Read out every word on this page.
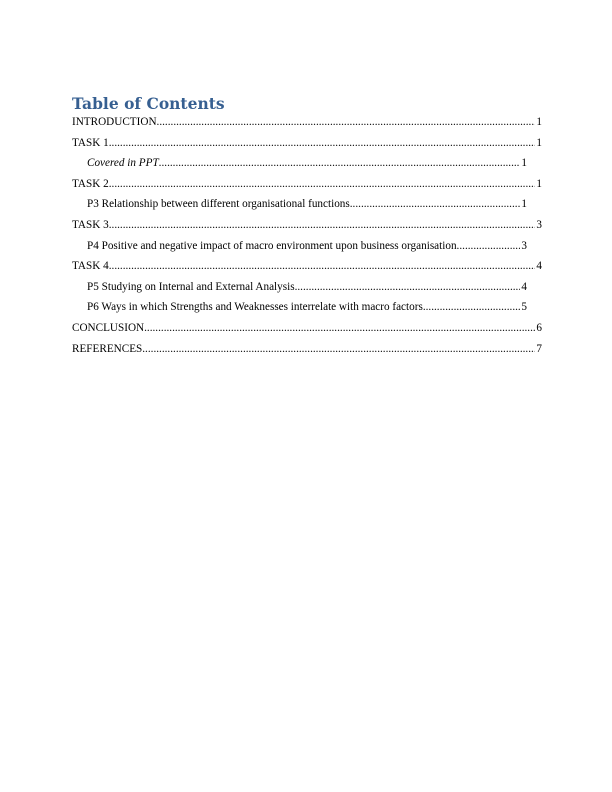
Table of Contents
INTRODUCTION .....	1
TASK 1 .....	1
Covered in PPT .....	1
TASK 2 .....	1
P3 Relationship between different organisational functions .....	1
TASK 3 .....	3
P4 Positive and negative impact of macro environment upon business organisation .....	3
TASK 4 .....	4
P5 Studying on Internal and External Analysis .....	4
P6 Ways in which Strengths and Weaknesses interrelate with macro factors .....	5
CONCLUSION .....	6
REFERENCES .....	7
